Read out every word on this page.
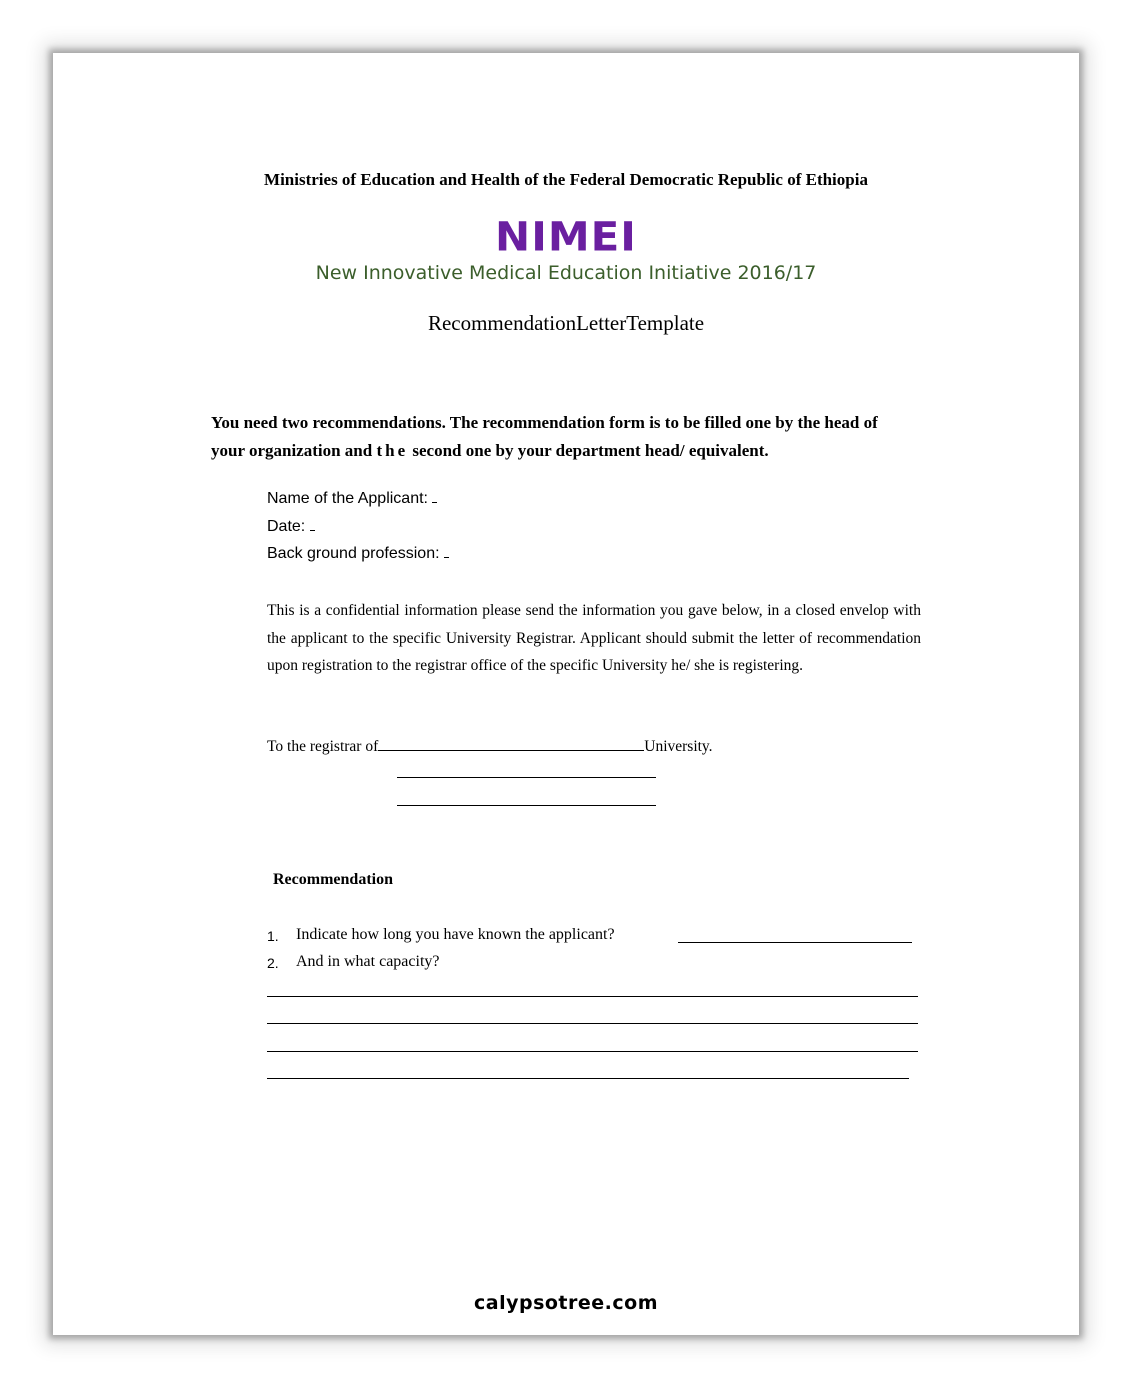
Ministries of Education and Health of the Federal Democratic Republic of Ethiopia
NIMEI
New Innovative Medical Education Initiative 2016/17
RecommendationLetterTemplate
You need two recommendations. The recommendation form is to be filled one by the head of your organization and the second one by your department head/ equivalent.
Name of the Applicant:
Date:
Back ground profession:
This is a confidential information please send the information you gave below, in a closed envelop with the applicant to the specific University Registrar. Applicant should submit the letter of recommendation upon registration to the registrar office of the specific University he/ she is registering.
To the registrar of	University.
Recommendation
1. Indicate how long you have known the applicant?
2. And in what capacity?
calypsotree.com
